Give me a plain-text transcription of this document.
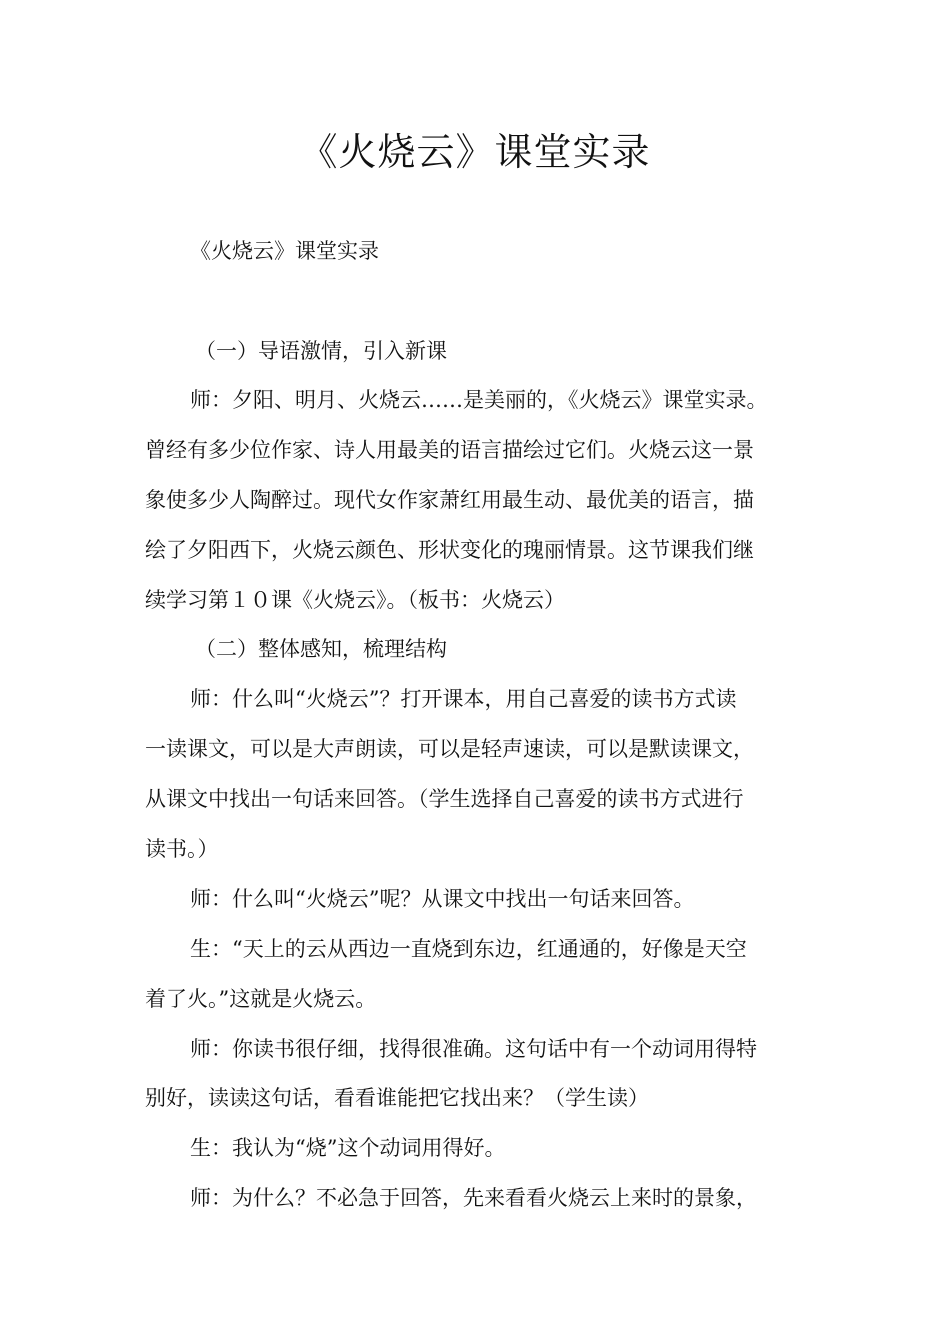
《火烧云》课堂实录

《火烧云》课堂实录

（一）导语激情，引入新课

师：夕阳、明月、火烧云……是美丽的，《火烧云》课堂实录。

曾经有多少位作家、诗人用最美的语言描绘过它们。火烧云这一景

象使多少人陶醉过。现代女作家萧红用最生动、最优美的语言，描

绘了夕阳西下，火烧云颜色、形状变化的瑰丽情景。这节课我们继

续学习第１０课《火烧云》。（板书：火烧云）

（二）整体感知，梳理结构

师：什么叫“火烧云”？打开课本，用自己喜爱的读书方式读

一读课文，可以是大声朗读，可以是轻声速读，可以是默读课文，

从课文中找出一句话来回答。（学生选择自己喜爱的读书方式进行

读书。）

师：什么叫“火烧云”呢？从课文中找出一句话来回答。

生：“天上的云从西边一直烧到东边，红通通的，好像是天空

着了火。”这就是火烧云。

师：你读书很仔细，找得很准确。这句话中有一个动词用得特

别好，读读这句话，看看谁能把它找出来？（学生读）

生：我认为“烧”这个动词用得好。

师：为什么？不必急于回答，先来看看火烧云上来时的景象，
